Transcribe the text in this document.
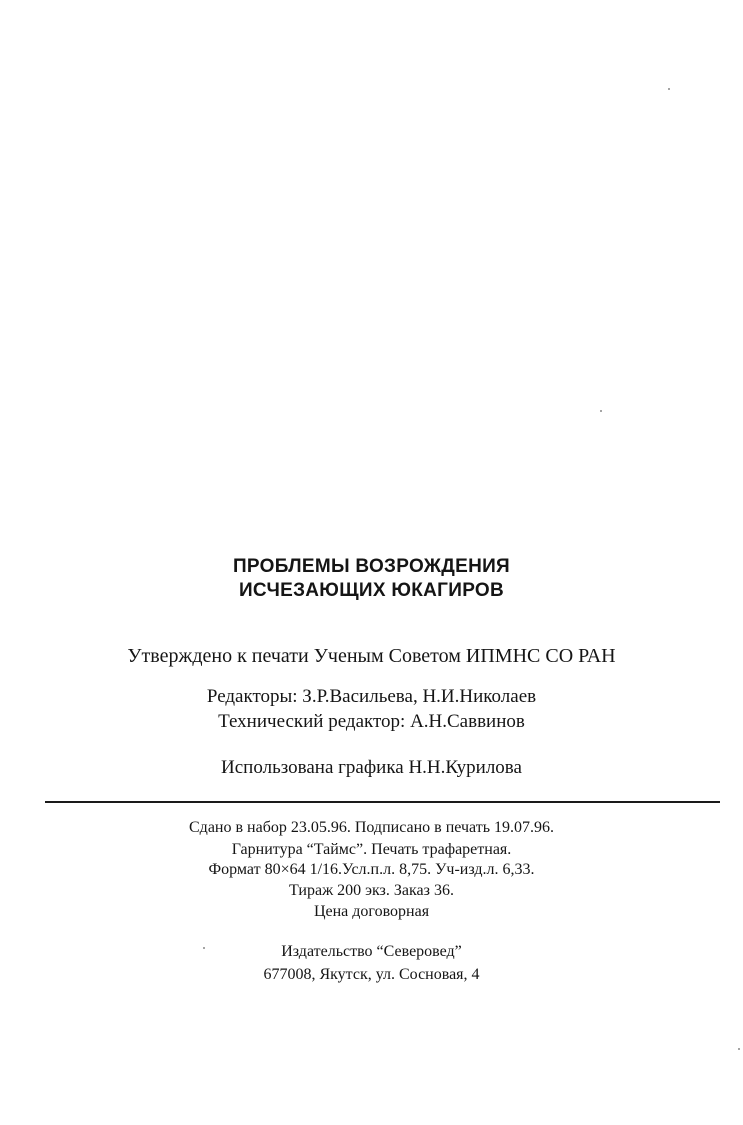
ПРОБЛЕМЫ ВОЗРОЖДЕНИЯ
ИСЧЕЗАЮЩИХ ЮКАГИРОВ
Утверждено к печати Ученым Советом ИПМНС СО РАН
Редакторы: З.Р.Васильева, Н.И.Николаев
Технический редактор: А.Н.Саввинов
Использована графика Н.Н.Курилова
Сдано в набор 23.05.96. Подписано в печать 19.07.96.
Гарнитура “Таймс”. Печать трафаретная.
Формат 80×64 1/16.Усл.п.л. 8,75. Уч-изд.л. 6,33.
Тираж 200 экз. Заказ 36.
Цена договорная
Издательство “Северовед”
677008, Якутск, ул. Сосновая, 4
